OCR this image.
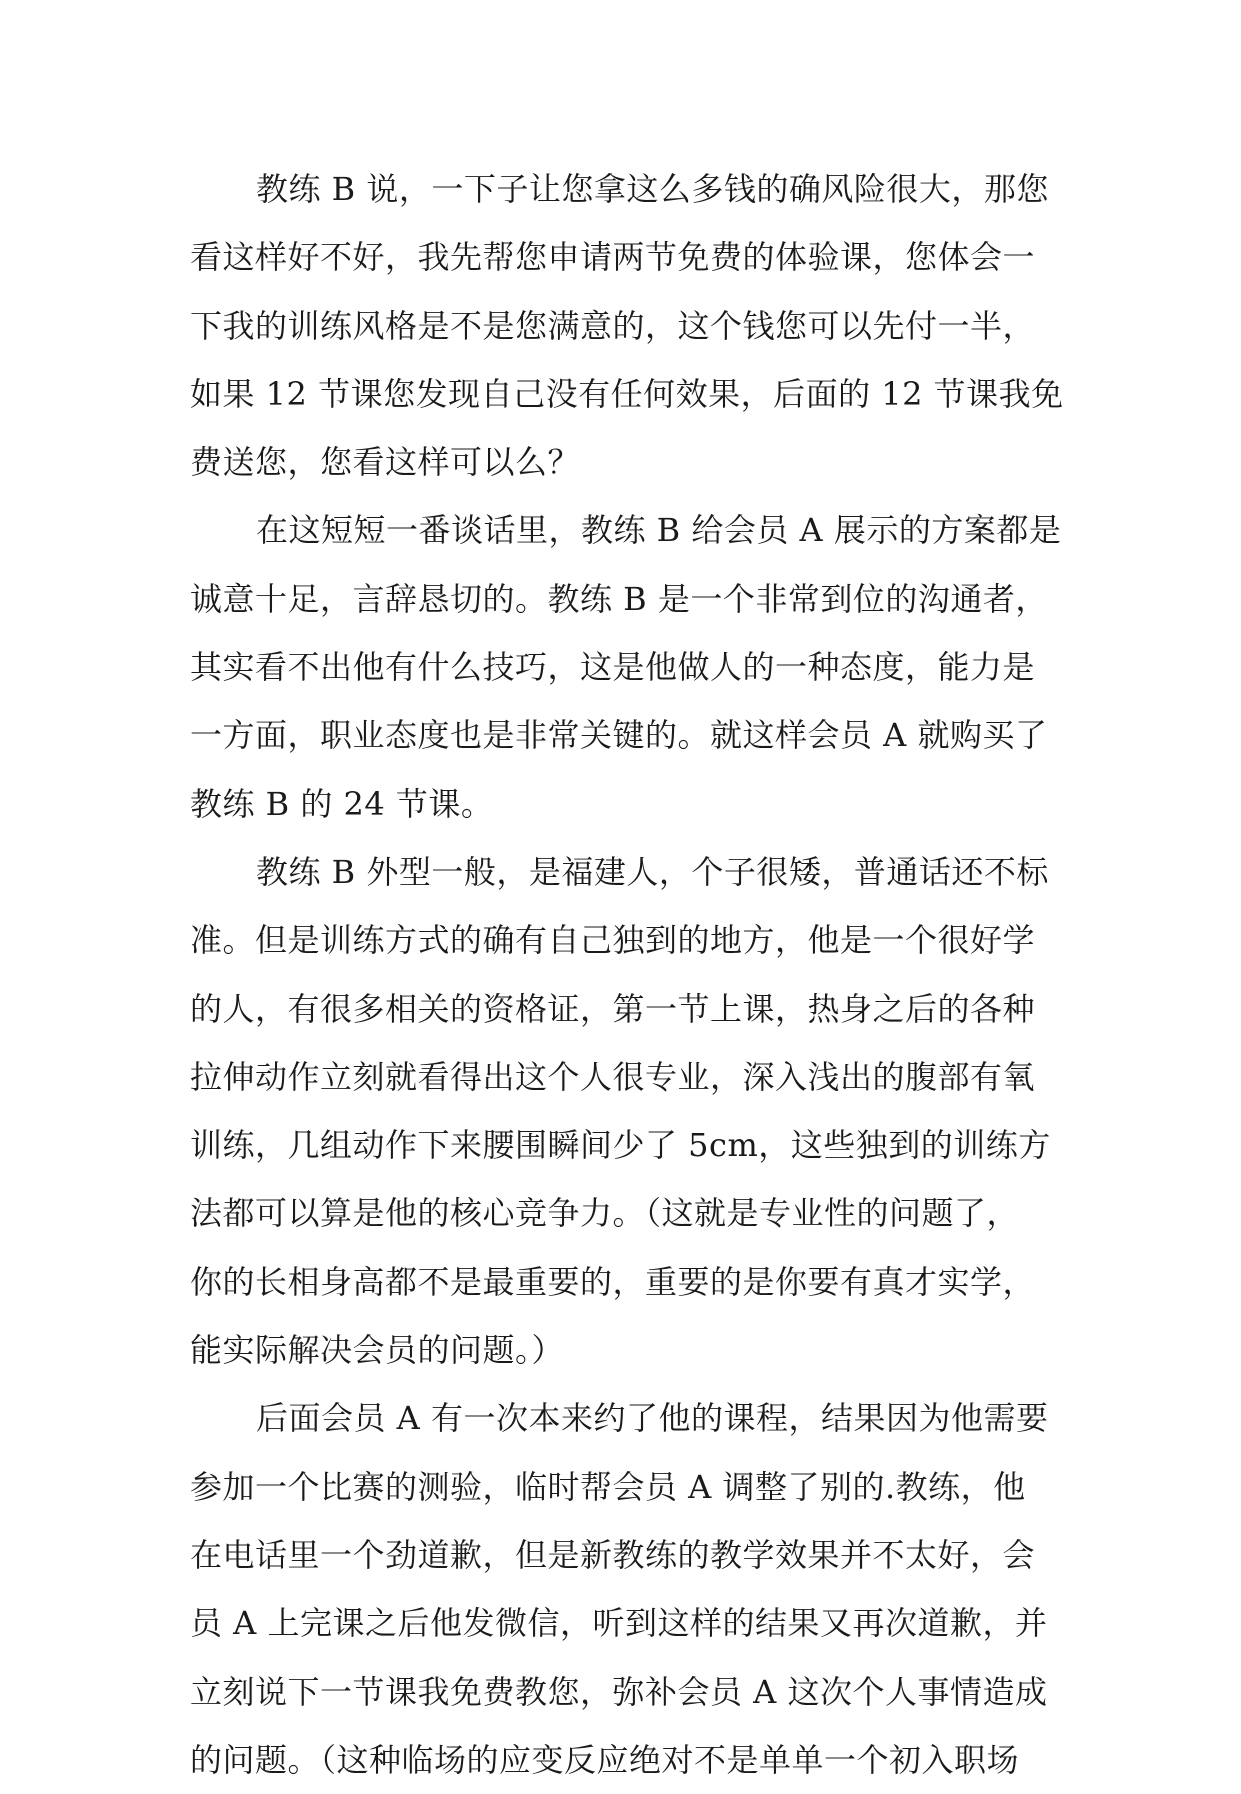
教练 B 说，一下子让您拿这么多钱的确风险很大，那您
看这样好不好，我先帮您申请两节免费的体验课，您体会一
下我的训练风格是不是您满意的，这个钱您可以先付一半，
如果 12 节课您发现自己没有任何效果，后面的 12 节课我免
费送您，您看这样可以么？
在这短短一番谈话里，教练 B 给会员 A 展示的方案都是
诚意十足，言辞恳切的。教练 B 是一个非常到位的沟通者，
其实看不出他有什么技巧，这是他做人的一种态度，能力是
一方面，职业态度也是非常关键的。就这样会员 A 就购买了
教练 B 的 24 节课。
教练 B 外型一般，是福建人，个子很矮，普通话还不标
准。但是训练方式的确有自己独到的地方，他是一个很好学
的人，有很多相关的资格证，第一节上课，热身之后的各种
拉伸动作立刻就看得出这个人很专业，深入浅出的腹部有氧
训练，几组动作下来腰围瞬间少了 5cm，这些独到的训练方
法都可以算是他的核心竞争力。（这就是专业性的问题了，
你的长相身高都不是最重要的，重要的是你要有真才实学，
能实际解决会员的问题。）
后面会员 A 有一次本来约了他的课程，结果因为他需要
参加一个比赛的测验，临时帮会员 A 调整了别的.教练，他
在电话里一个劲道歉，但是新教练的教学效果并不太好，会
员 A 上完课之后他发微信，听到这样的结果又再次道歉，并
立刻说下一节课我免费教您，弥补会员 A 这次个人事情造成
的问题。（这种临场的应变反应绝对不是单单一个初入职场
